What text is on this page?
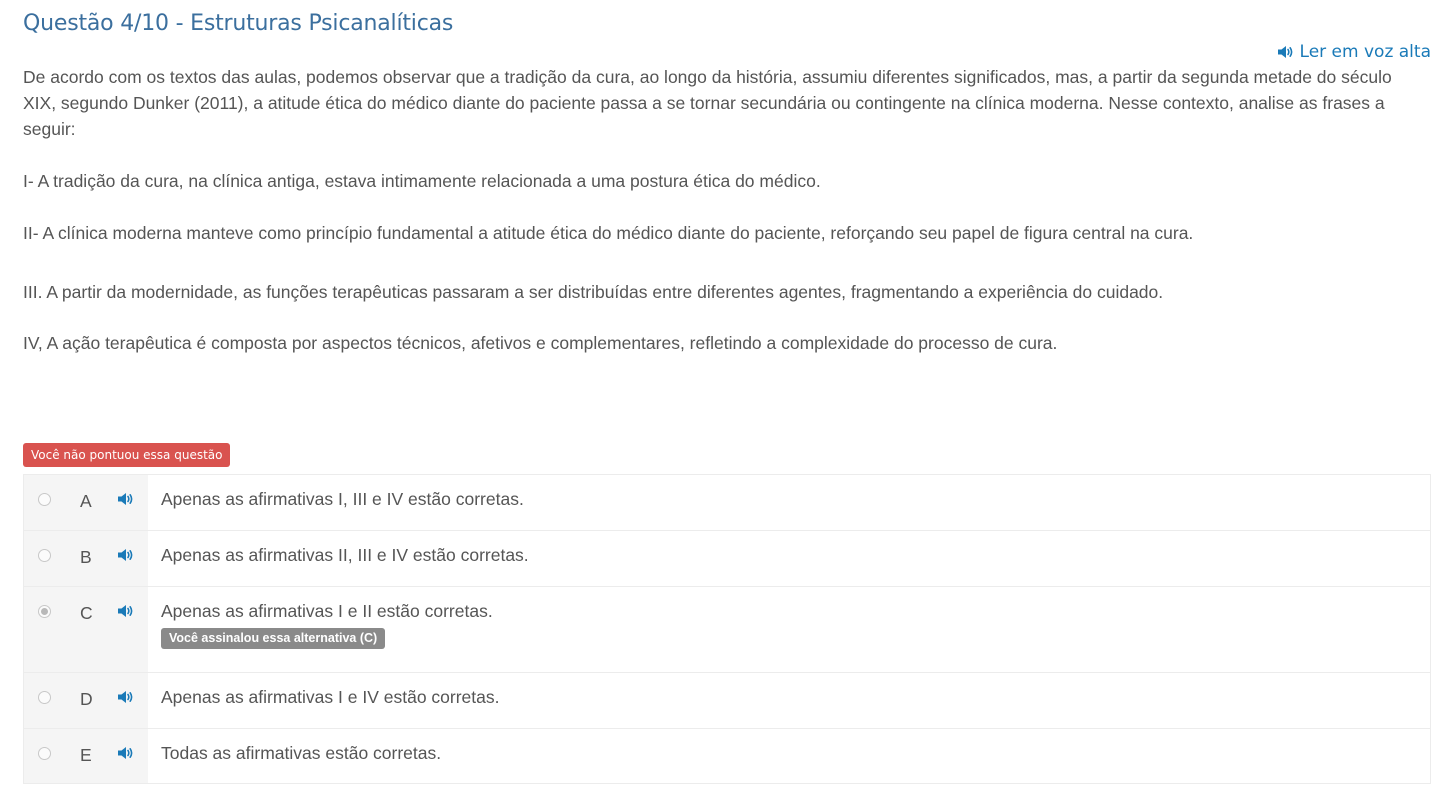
Questão 4/10 - Estruturas Psicanalíticas
Ler em voz alta

De acordo com os textos das aulas, podemos observar que a tradição da cura, ao longo da história, assumiu diferentes significados, mas, a partir da segunda metade do século XIX, segundo Dunker (2011), a atitude ética do médico diante do paciente passa a se tornar secundária ou contingente na clínica moderna. Nesse contexto, analise as frases a seguir:

I- A tradição da cura, na clínica antiga, estava intimamente relacionada a uma postura ética do médico.

II- A clínica moderna manteve como princípio fundamental a atitude ética do médico diante do paciente, reforçando seu papel de figura central na cura.

III. A partir da modernidade, as funções terapêuticas passaram a ser distribuídas entre diferentes agentes, fragmentando a experiência do cuidado.

IV, A ação terapêutica é composta por aspectos técnicos, afetivos e complementares, refletindo a complexidade do processo de cura.

Você não pontuou essa questão
A	Apenas as afirmativas I, III e IV estão corretas.
B	Apenas as afirmativas II, III e IV estão corretas.
C	Apenas as afirmativas I e II estão corretas.
Você assinalou essa alternativa (C)
D	Apenas as afirmativas I e IV estão corretas.
E	Todas as afirmativas estão corretas.
